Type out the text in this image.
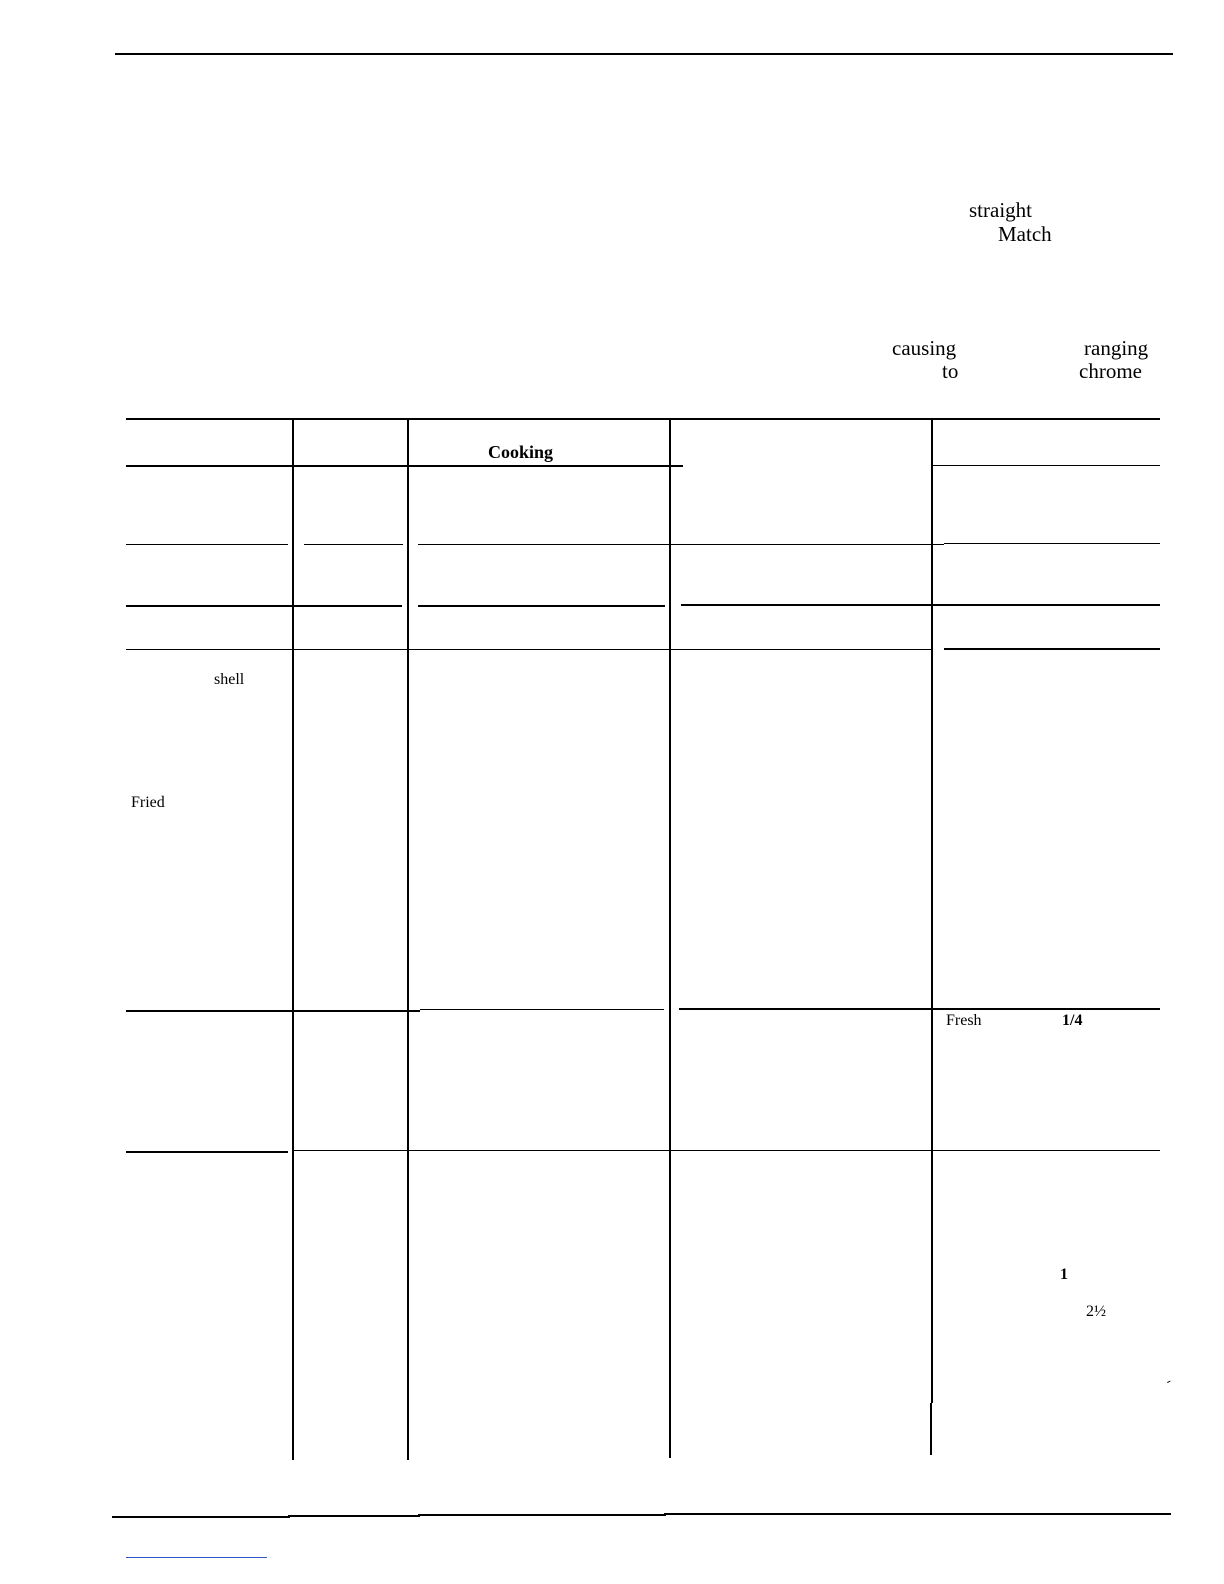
straight
Match
causing	ranging
to	chrome
Cooking
shell
Fried
Fresh	1/4
1
2½
-
